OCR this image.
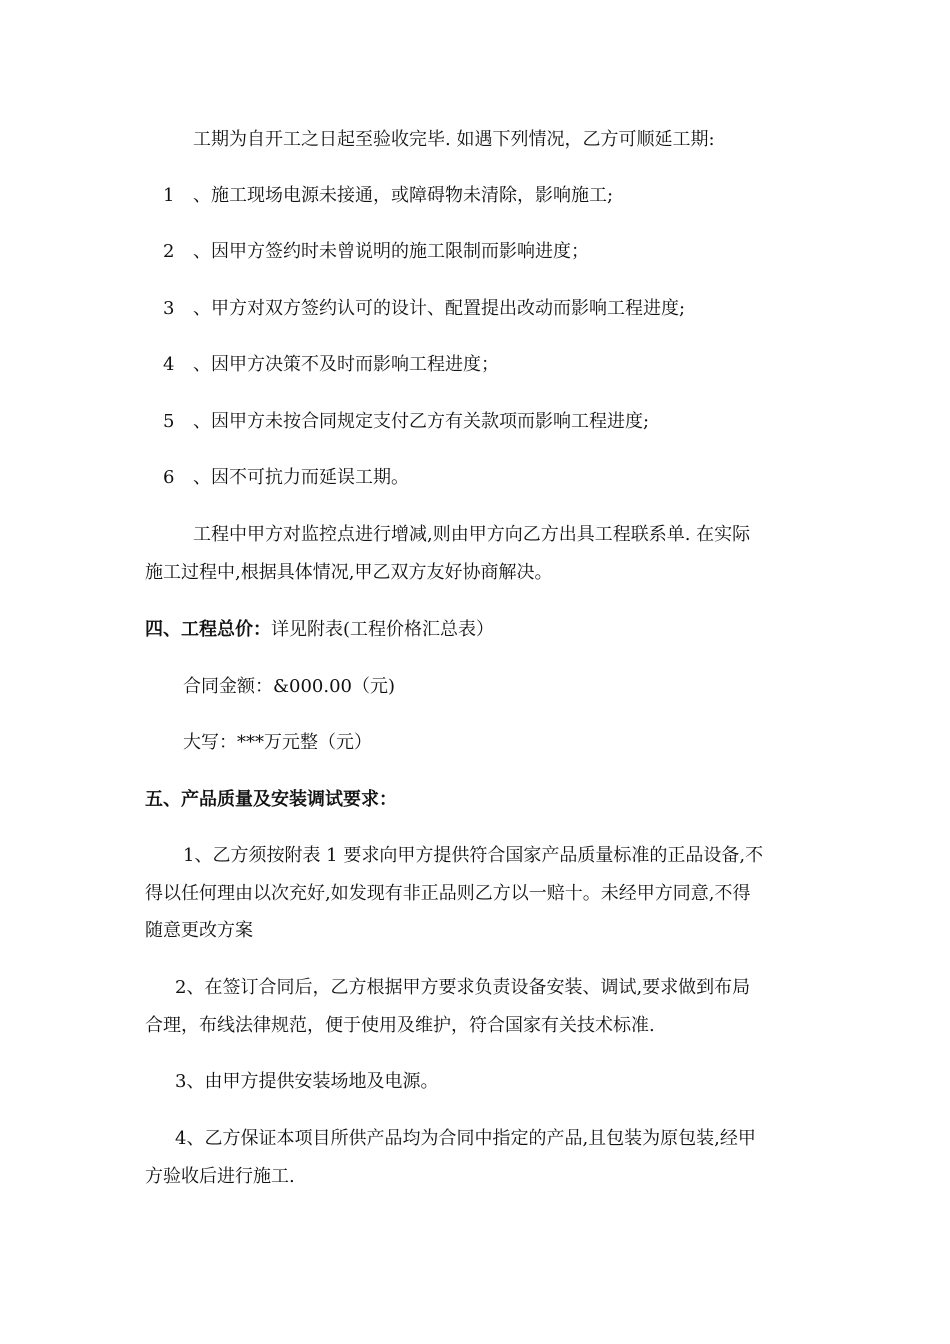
工期为自开工之日起至验收完毕. 如遇下列情况，乙方可顺延工期:
1 、施工现场电源未接通，或障碍物未清除，影响施工;
2 、因甲方签约时未曾说明的施工限制而影响进度；
3 、甲方对双方签约认可的设计、配置提出改动而影响工程进度;
4 、因甲方决策不及时而影响工程进度；
5 、因甲方未按合同规定支付乙方有关款项而影响工程进度;
6 、因不可抗力而延误工期。
工程中甲方对监控点进行增减,则由甲方向乙方出具工程联系单. 在实际
施工过程中,根据具体情况,甲乙双方友好协商解决。
四、工程总价：详见附表(工程价格汇总表）
合同金额：&000.00（元)
大写：***万元整（元）
五、产品质量及安装调试要求：
1、乙方须按附表 1 要求向甲方提供符合国家产品质量标准的正品设备,不
得以任何理由以次充好,如发现有非正品则乙方以一赔十。未经甲方同意,不得
随意更改方案
2、在签订合同后，乙方根据甲方要求负责设备安装、调试,要求做到布局
合理，布线法律规范，便于使用及维护，符合国家有关技术标准.
3、由甲方提供安装场地及电源。
4、乙方保证本项目所供产品均为合同中指定的产品,且包装为原包装,经甲
方验收后进行施工.
